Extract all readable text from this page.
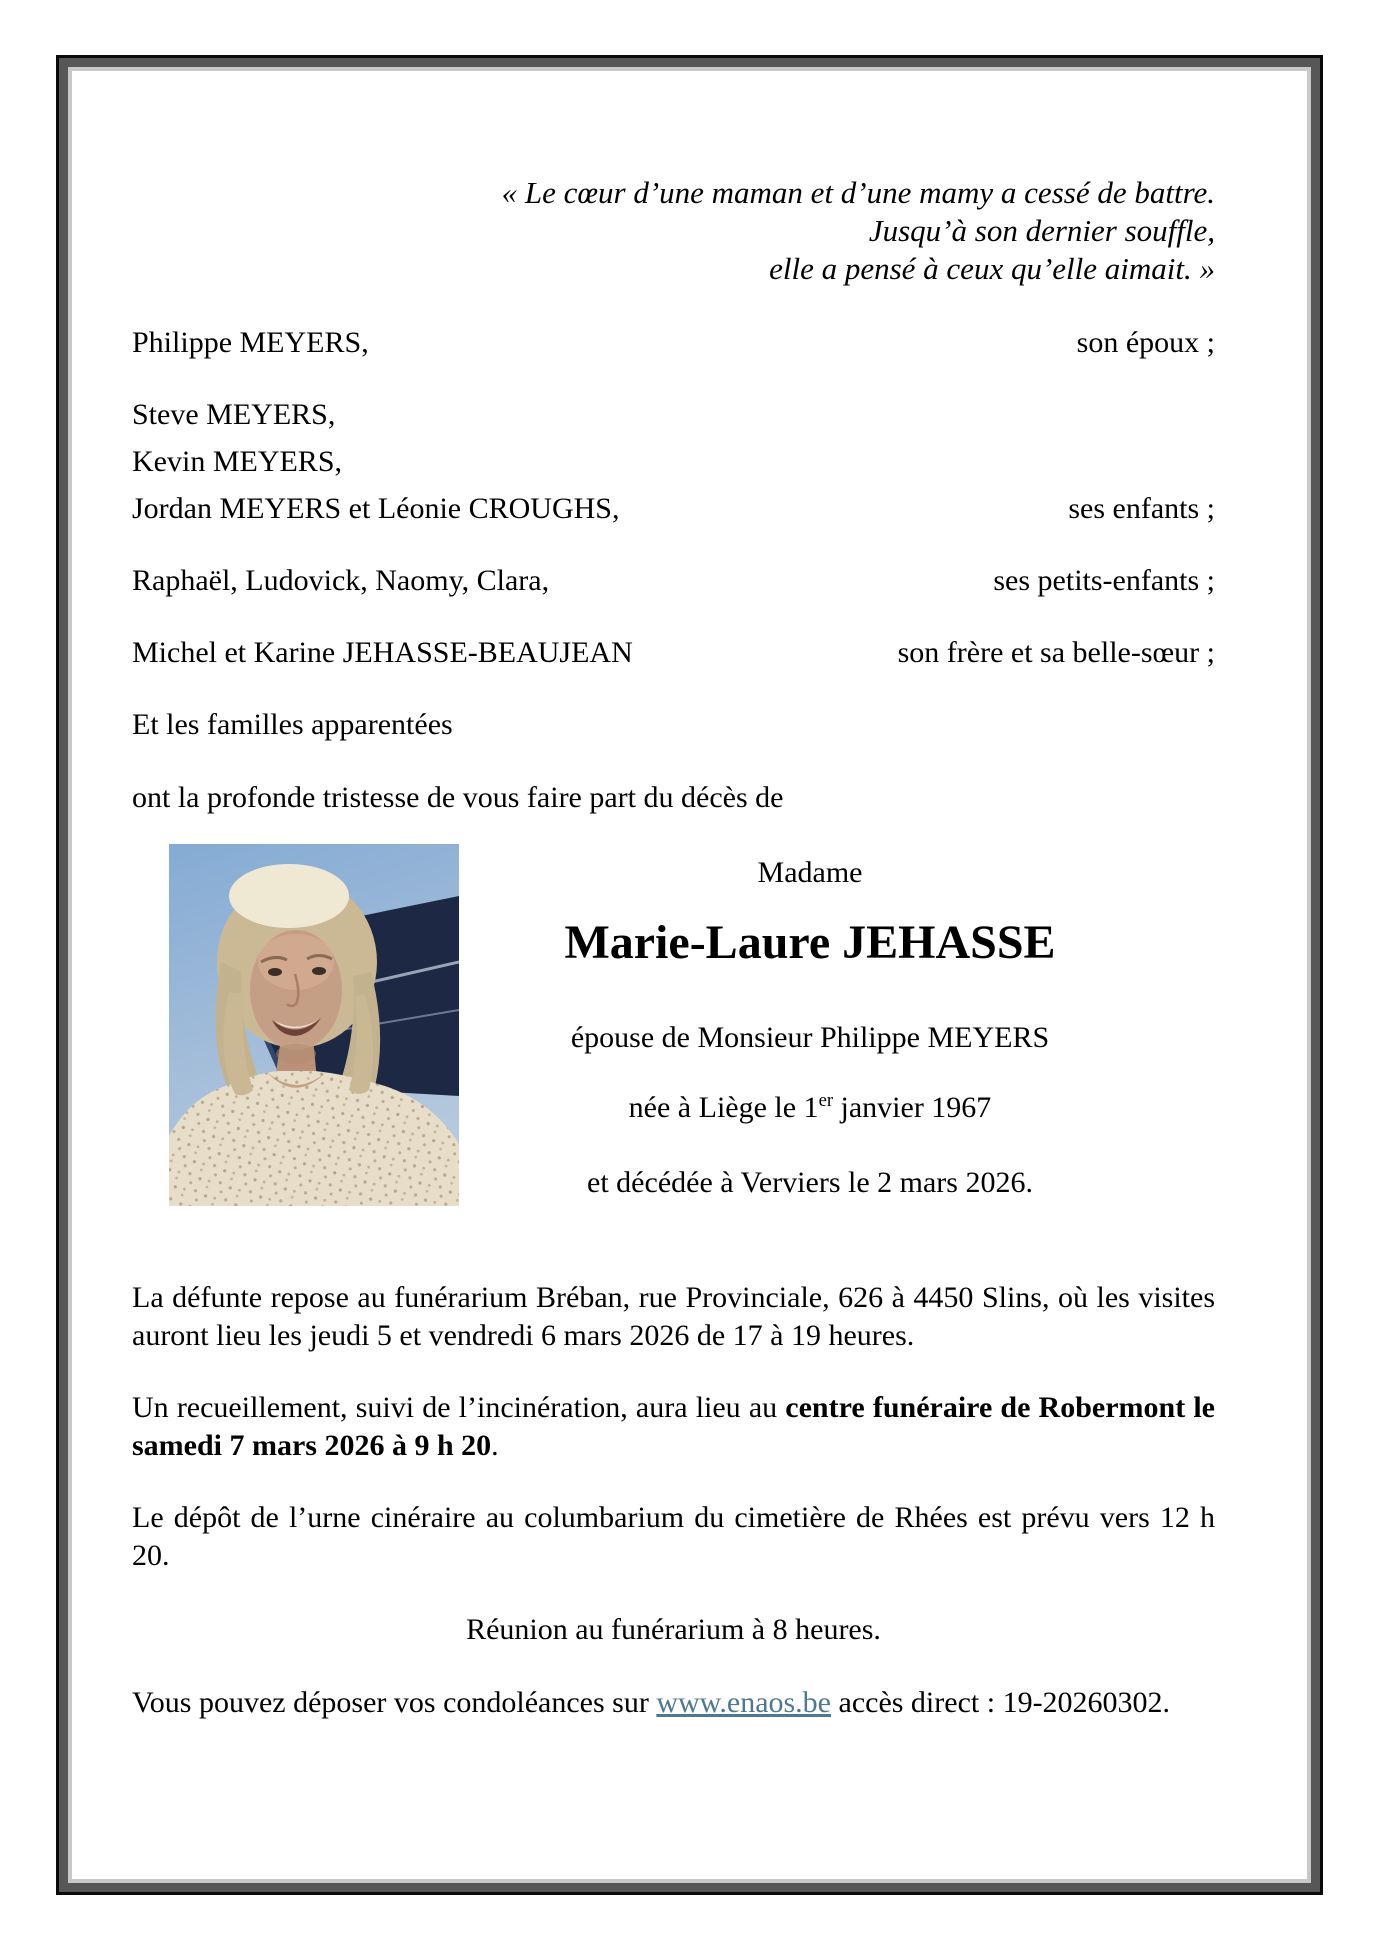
« Le cœur d’une maman et d’une mamy a cessé de battre.
Jusqu’à son dernier souffle,
elle a pensé à ceux qu’elle aimait. »
Philippe MEYERS,	son époux ;
Steve MEYERS,
Kevin MEYERS,
Jordan MEYERS et Léonie CROUGHS,	ses enfants ;
Raphaël, Ludovick, Naomy, Clara,	ses petits-enfants ;
Michel et Karine JEHASSE-BEAUJEAN	son frère et sa belle-sœur ;
Et les familles apparentées
ont la profonde tristesse de vous faire part du décès de
Madame
Marie-Laure JEHASSE
épouse de Monsieur Philippe MEYERS
née à Liège le 1er janvier 1967
et décédée à Verviers le 2 mars 2026.

La défunte repose au funérarium Bréban, rue Provinciale, 626 à 4450 Slins, où les visites auront lieu les jeudi 5 et vendredi 6 mars 2026 de 17 à 19 heures.

Un recueillement, suivi de l’incinération, aura lieu au centre funéraire de Robermont le samedi 7 mars 2026 à 9 h 20.

Le dépôt de l’urne cinéraire au columbarium du cimetière de Rhées est prévu vers 12 h 20.

Réunion au funérarium à 8 heures.

Vous pouvez déposer vos condoléances sur www.enaos.be accès direct : 19-20260302.
